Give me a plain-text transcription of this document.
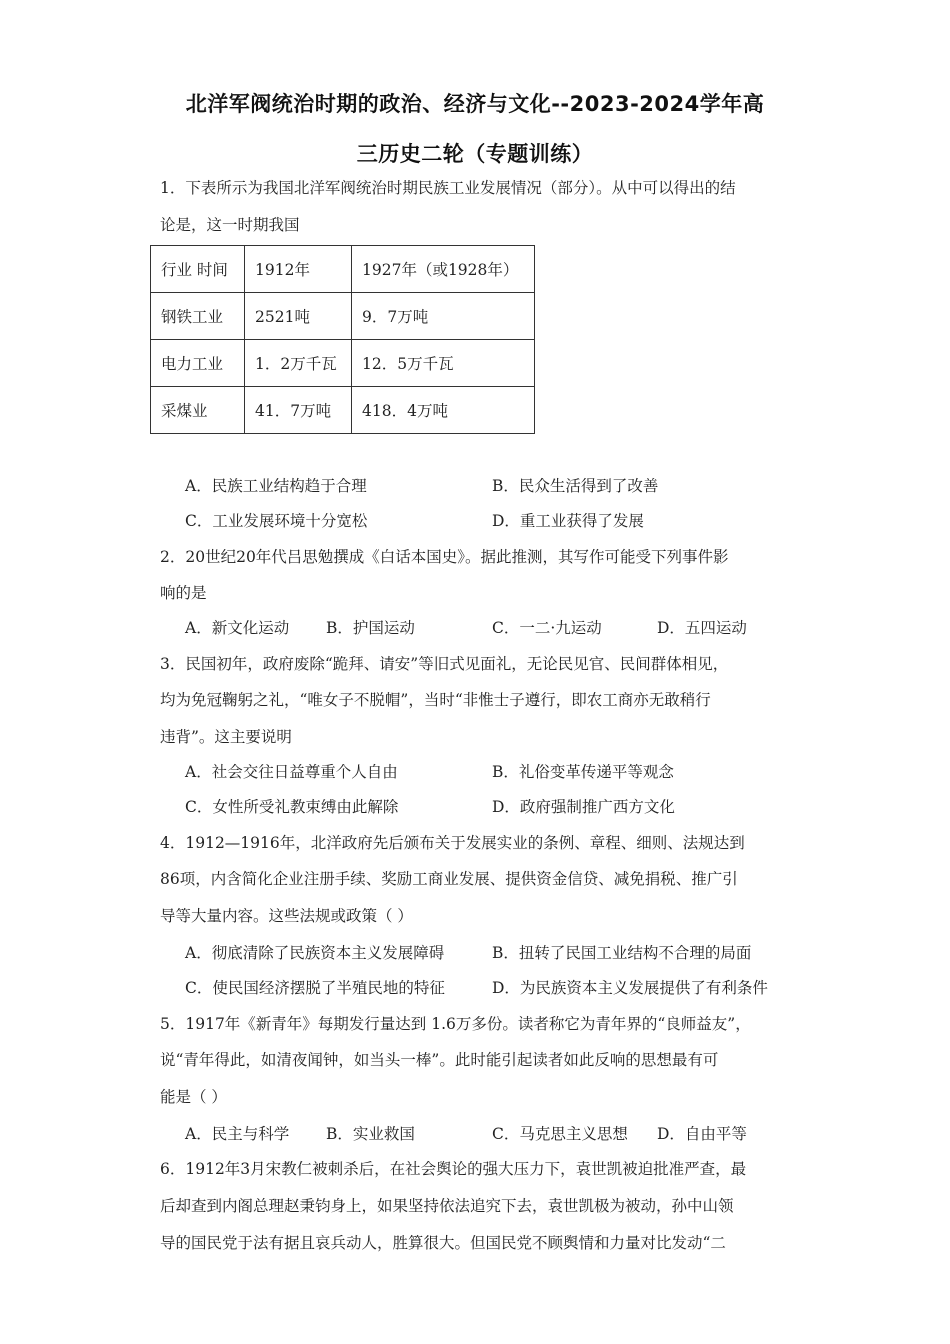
北洋军阀统治时期的政治、经济与文化--2023-2024学年高
三历史二轮（专题训练）
1．下表所示为我国北洋军阀统治时期民族工业发展情况（部分）。从中可以得出的结
论是，这一时期我国
行业 时间	1912年	1927年（或1928年）
钢铁工业	2521吨	9．7万吨
电力工业	1．2万千瓦	12．5万千瓦
采煤业	41．7万吨	418．4万吨
A．民族工业结构趋于合理	B．民众生活得到了改善
C．工业发展环境十分宽松	D．重工业获得了发展
2．20世纪20年代吕思勉撰成《白话本国史》。据此推测，其写作可能受下列事件影
响的是
A．新文化运动 B．护国运动	C．一二·九运动	D．五四运动
3．民国初年，政府废除“跪拜、请安”等旧式见面礼，无论民见官、民间群体相见，
均为免冠鞠躬之礼，“唯女子不脱帽”，当时“非惟士子遵行，即农工商亦无敢稍行
违背”。这主要说明
A．社会交往日益尊重个人自由	B．礼俗变革传递平等观念
C．女性所受礼教束缚由此解除	D．政府强制推广西方文化
4．1912—1916年，北洋政府先后颁布关于发展实业的条例、章程、细则、法规达到
86项，内含简化企业注册手续、奖励工商业发展、提供资金信贷、减免捐税、推广引
导等大量内容。这些法规或政策（ ）
A．彻底清除了民族资本主义发展障碍	B．扭转了民国工业结构不合理的局面
C．使民国经济摆脱了半殖民地的特征	D．为民族资本主义发展提供了有利条件
5．1917年《新青年》每期发行量达到 1.6万多份。读者称它为青年界的“良师益友”，
说“青年得此，如清夜闻钟，如当头一棒”。此时能引起读者如此反响的思想最有可
能是（ ）
A．民主与科学 B．实业救国	C．马克思主义思想 D．自由平等
6．1912年3月宋教仁被刺杀后，在社会舆论的强大压力下，袁世凯被迫批准严查，最
后却查到内阁总理赵秉钧身上，如果坚持依法追究下去，袁世凯极为被动，孙中山领
导的国民党于法有据且哀兵动人，胜算很大。但国民党不顾舆情和力量对比发动“二
